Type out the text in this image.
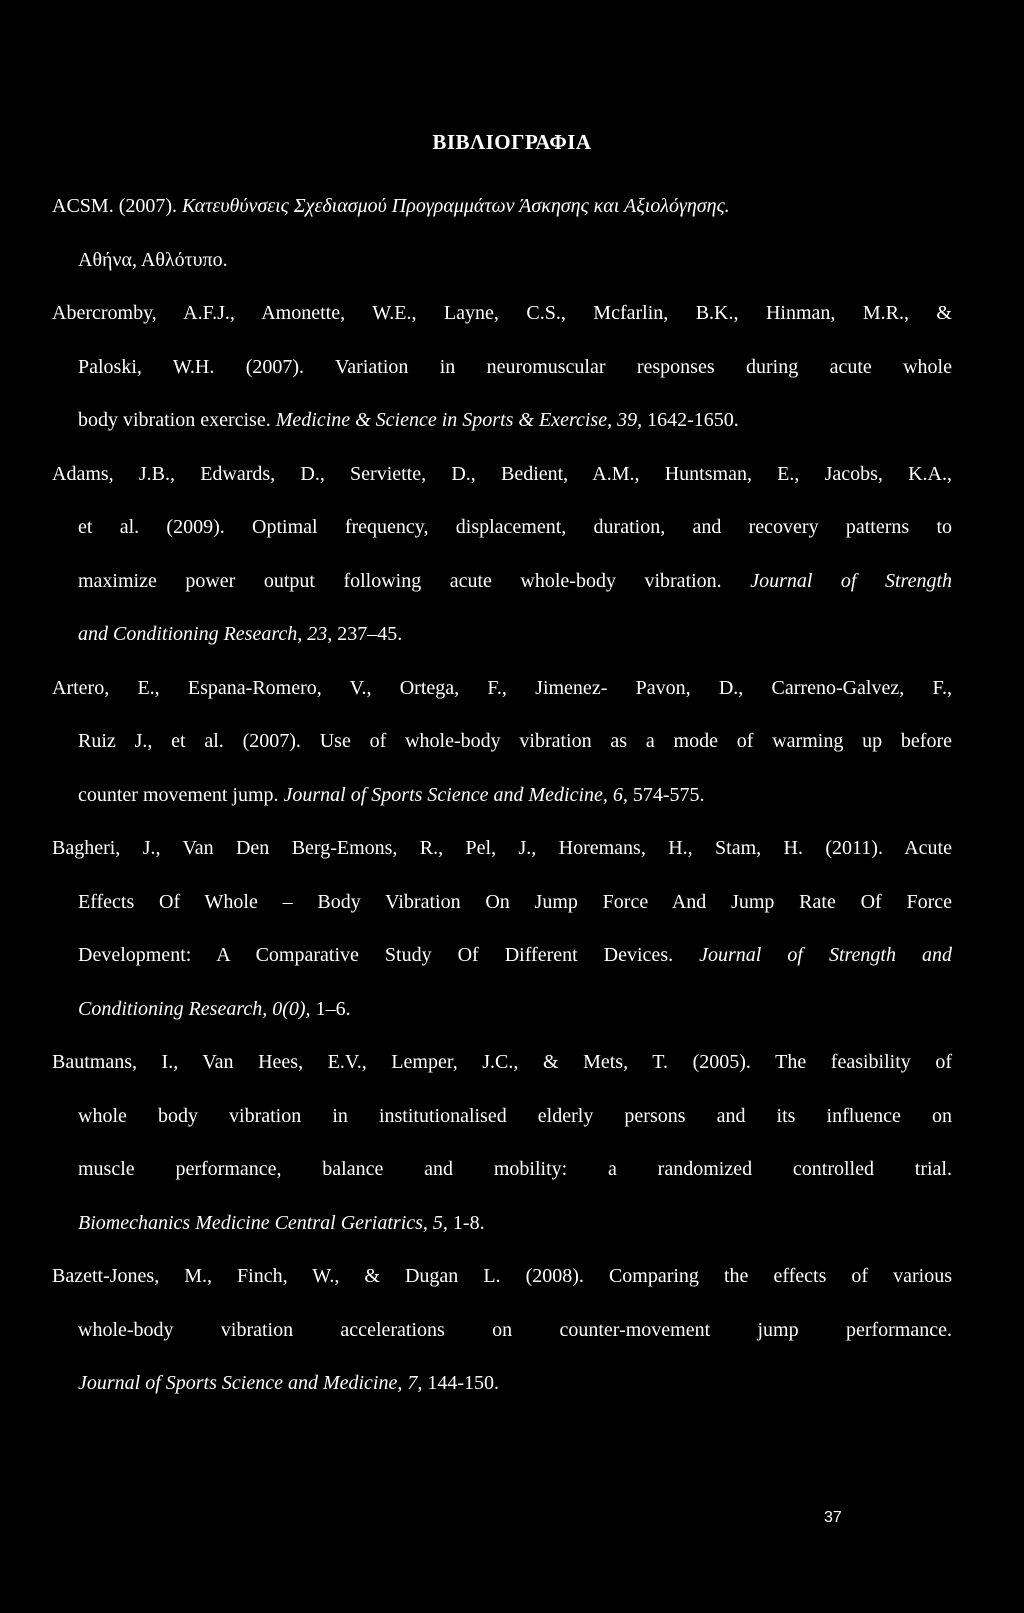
ΒΙΒΛΙΟΓΡΑΦΙΑ

ACSM. (2007). Κατευθύνσεις Σχεδιασμού Προγραμμάτων Άσκησης και Αξιολόγησης.
Αθήνα, Αθλότυπο.

Abercromby, A.F.J., Amonette, W.E., Layne, C.S., Mcfarlin, B.K., Hinman, M.R., &
Paloski, W.H. (2007). Variation in neuromuscular responses during acute whole
body vibration exercise. Medicine & Science in Sports & Exercise, 39, 1642-1650.

Adams, J.B., Edwards, D., Serviette, D., Bedient, A.M., Huntsman, E., Jacobs, K.A.,
et al. (2009). Optimal frequency, displacement, duration, and recovery patterns to
maximize power output following acute whole-body vibration. Journal of Strength
and Conditioning Research, 23, 237–45.

Artero, E., Espana-Romero, V., Ortega, F., Jimenez- Pavon, D., Carreno-Galvez, F.,
Ruiz J., et al. (2007). Use of whole-body vibration as a mode of warming up before
counter movement jump. Journal of Sports Science and Medicine, 6, 574-575.

Bagheri, J., Van Den Berg-Emons, R., Pel, J., Horemans, H., Stam, H. (2011). Acute
Effects Of Whole – Body Vibration On Jump Force And Jump Rate Of Force
Development: A Comparative Study Of Different Devices. Journal of Strength and
Conditioning Research, 0(0), 1–6.

Bautmans, I., Van Hees, E.V., Lemper, J.C., & Mets, T. (2005). The feasibility of
whole body vibration in institutionalised elderly persons and its influence on
muscle performance, balance and mobility: a randomized controlled trial.
Biomechanics Medicine Central Geriatrics, 5, 1-8.

Bazett-Jones, M., Finch, W., & Dugan L. (2008). Comparing the effects of various
whole-body vibration accelerations on counter-movement jump performance.
Journal of Sports Science and Medicine, 7, 144-150.

37
